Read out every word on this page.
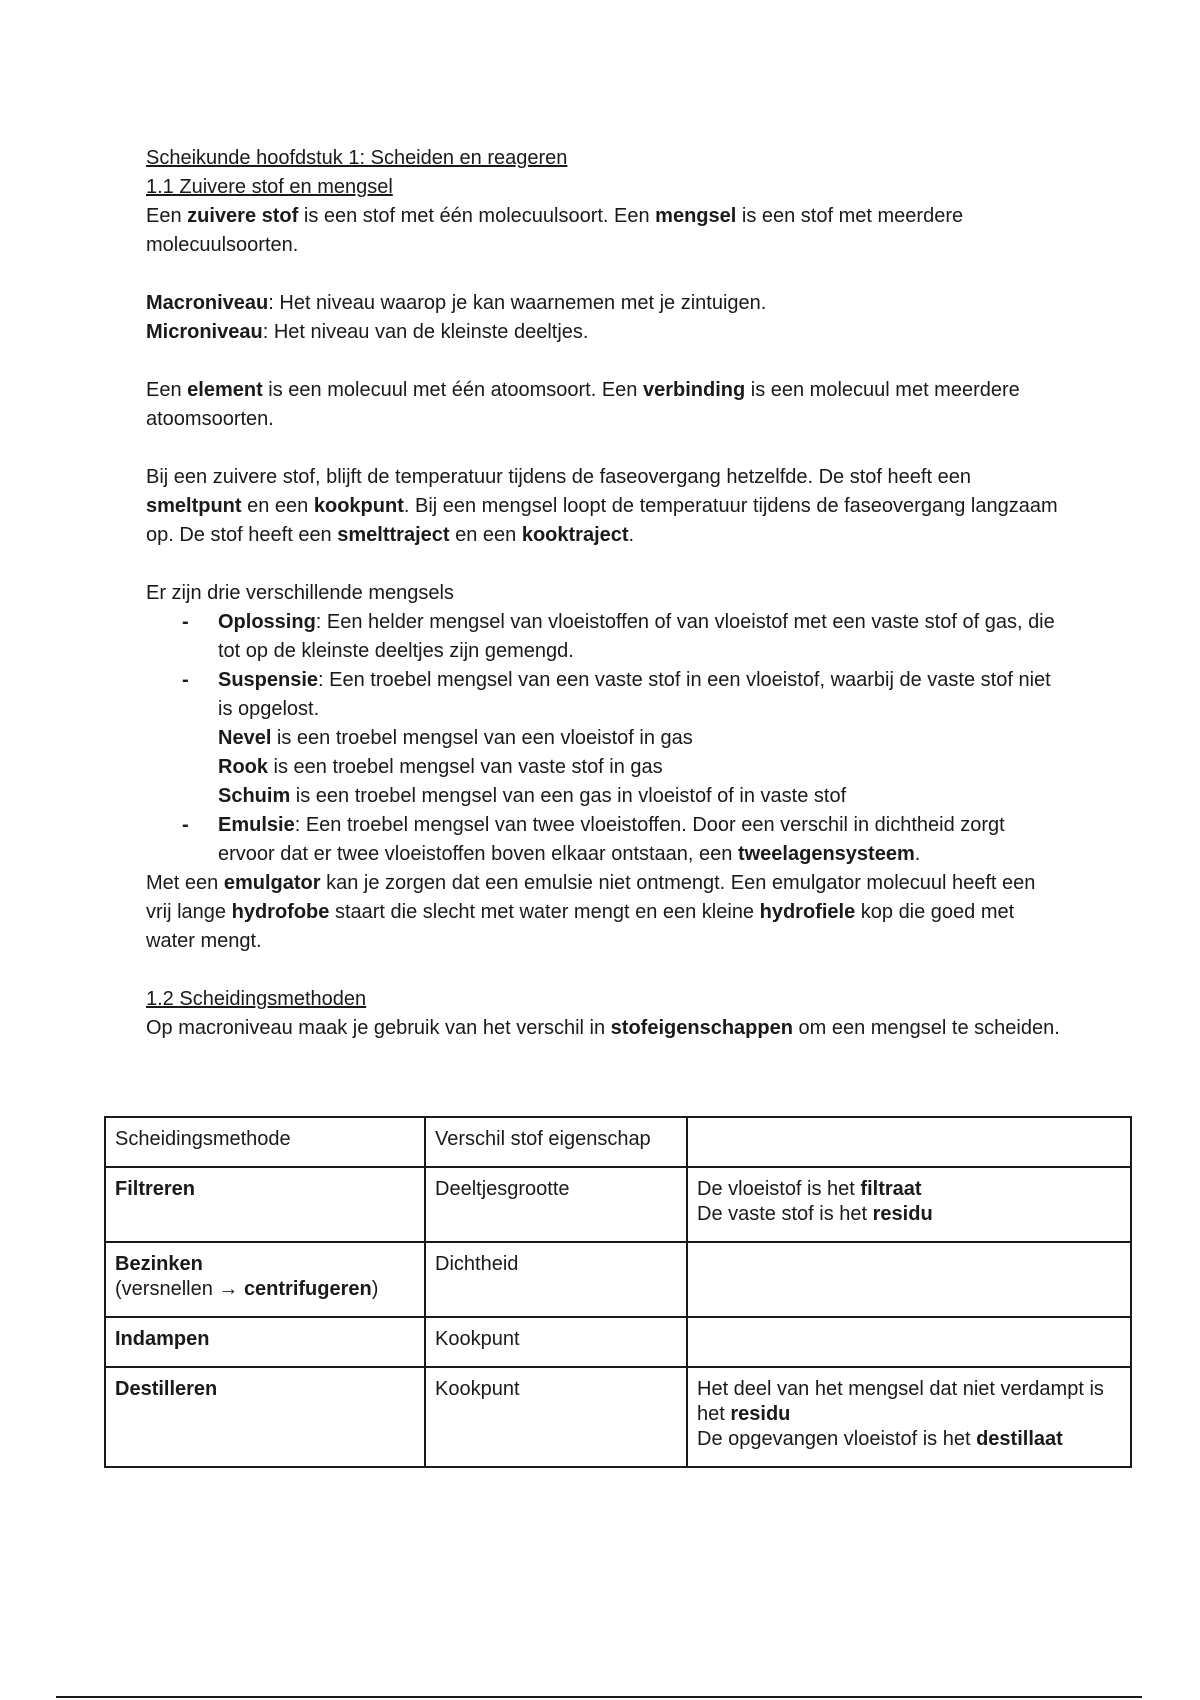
Scheikunde hoofdstuk 1: Scheiden en reageren
1.1 Zuivere stof en mengsel

Een zuivere stof is een stof met één molecuulsoort. Een mengsel is een stof met meerdere molecuulsoorten.

Macroniveau: Het niveau waarop je kan waarnemen met je zintuigen.

Microniveau: Het niveau van de kleinste deeltjes.

Een element is een molecuul met één atoomsoort. Een verbinding is een molecuul met meerdere atoomsoorten.

Bij een zuivere stof, blijft de temperatuur tijdens de faseovergang hetzelfde. De stof heeft een smeltpunt en een kookpunt. Bij een mengsel loopt de temperatuur tijdens de faseovergang langzaam op. De stof heeft een smelttraject en een kooktraject.

Er zijn drie verschillende mengsels

- Oplossing: Een helder mengsel van vloeistoffen of van vloeistof met een vaste stof of gas, die tot op de kleinste deeltjes zijn gemengd.
- Suspensie: Een troebel mengsel van een vaste stof in een vloeistof, waarbij de vaste stof niet is opgelost.
Nevel is een troebel mengsel van een vloeistof in gas
Rook is een troebel mengsel van vaste stof in gas
Schuim is een troebel mengsel van een gas in vloeistof of in vaste stof
- Emulsie: Een troebel mengsel van twee vloeistoffen. Door een verschil in dichtheid zorgt ervoor dat er twee vloeistoffen boven elkaar ontstaan, een tweelagensysteem.

Met een emulgator kan je zorgen dat een emulsie niet ontmengt. Een emulgator molecuul heeft een vrij lange hydrofobe staart die slecht met water mengt en een kleine hydrofiele kop die goed met water mengt.

1.2 Scheidingsmethoden

Op macroniveau maak je gebruik van het verschil in stofeigenschappen om een mengsel te scheiden.

Scheidingsmethode	Verschil stof eigenschap	
Filtreren	Deeltjesgrootte	De vloeistof is het filtraat
De vaste stof is het residu

Bezinken
(versnellen → centrifugeren)	Dichtheid	
Indampen	Kookpunt	
Destilleren	Kookpunt	Het deel van het mengsel dat niet verdampt is het residu
De opgevangen vloeistof is het destillaat
